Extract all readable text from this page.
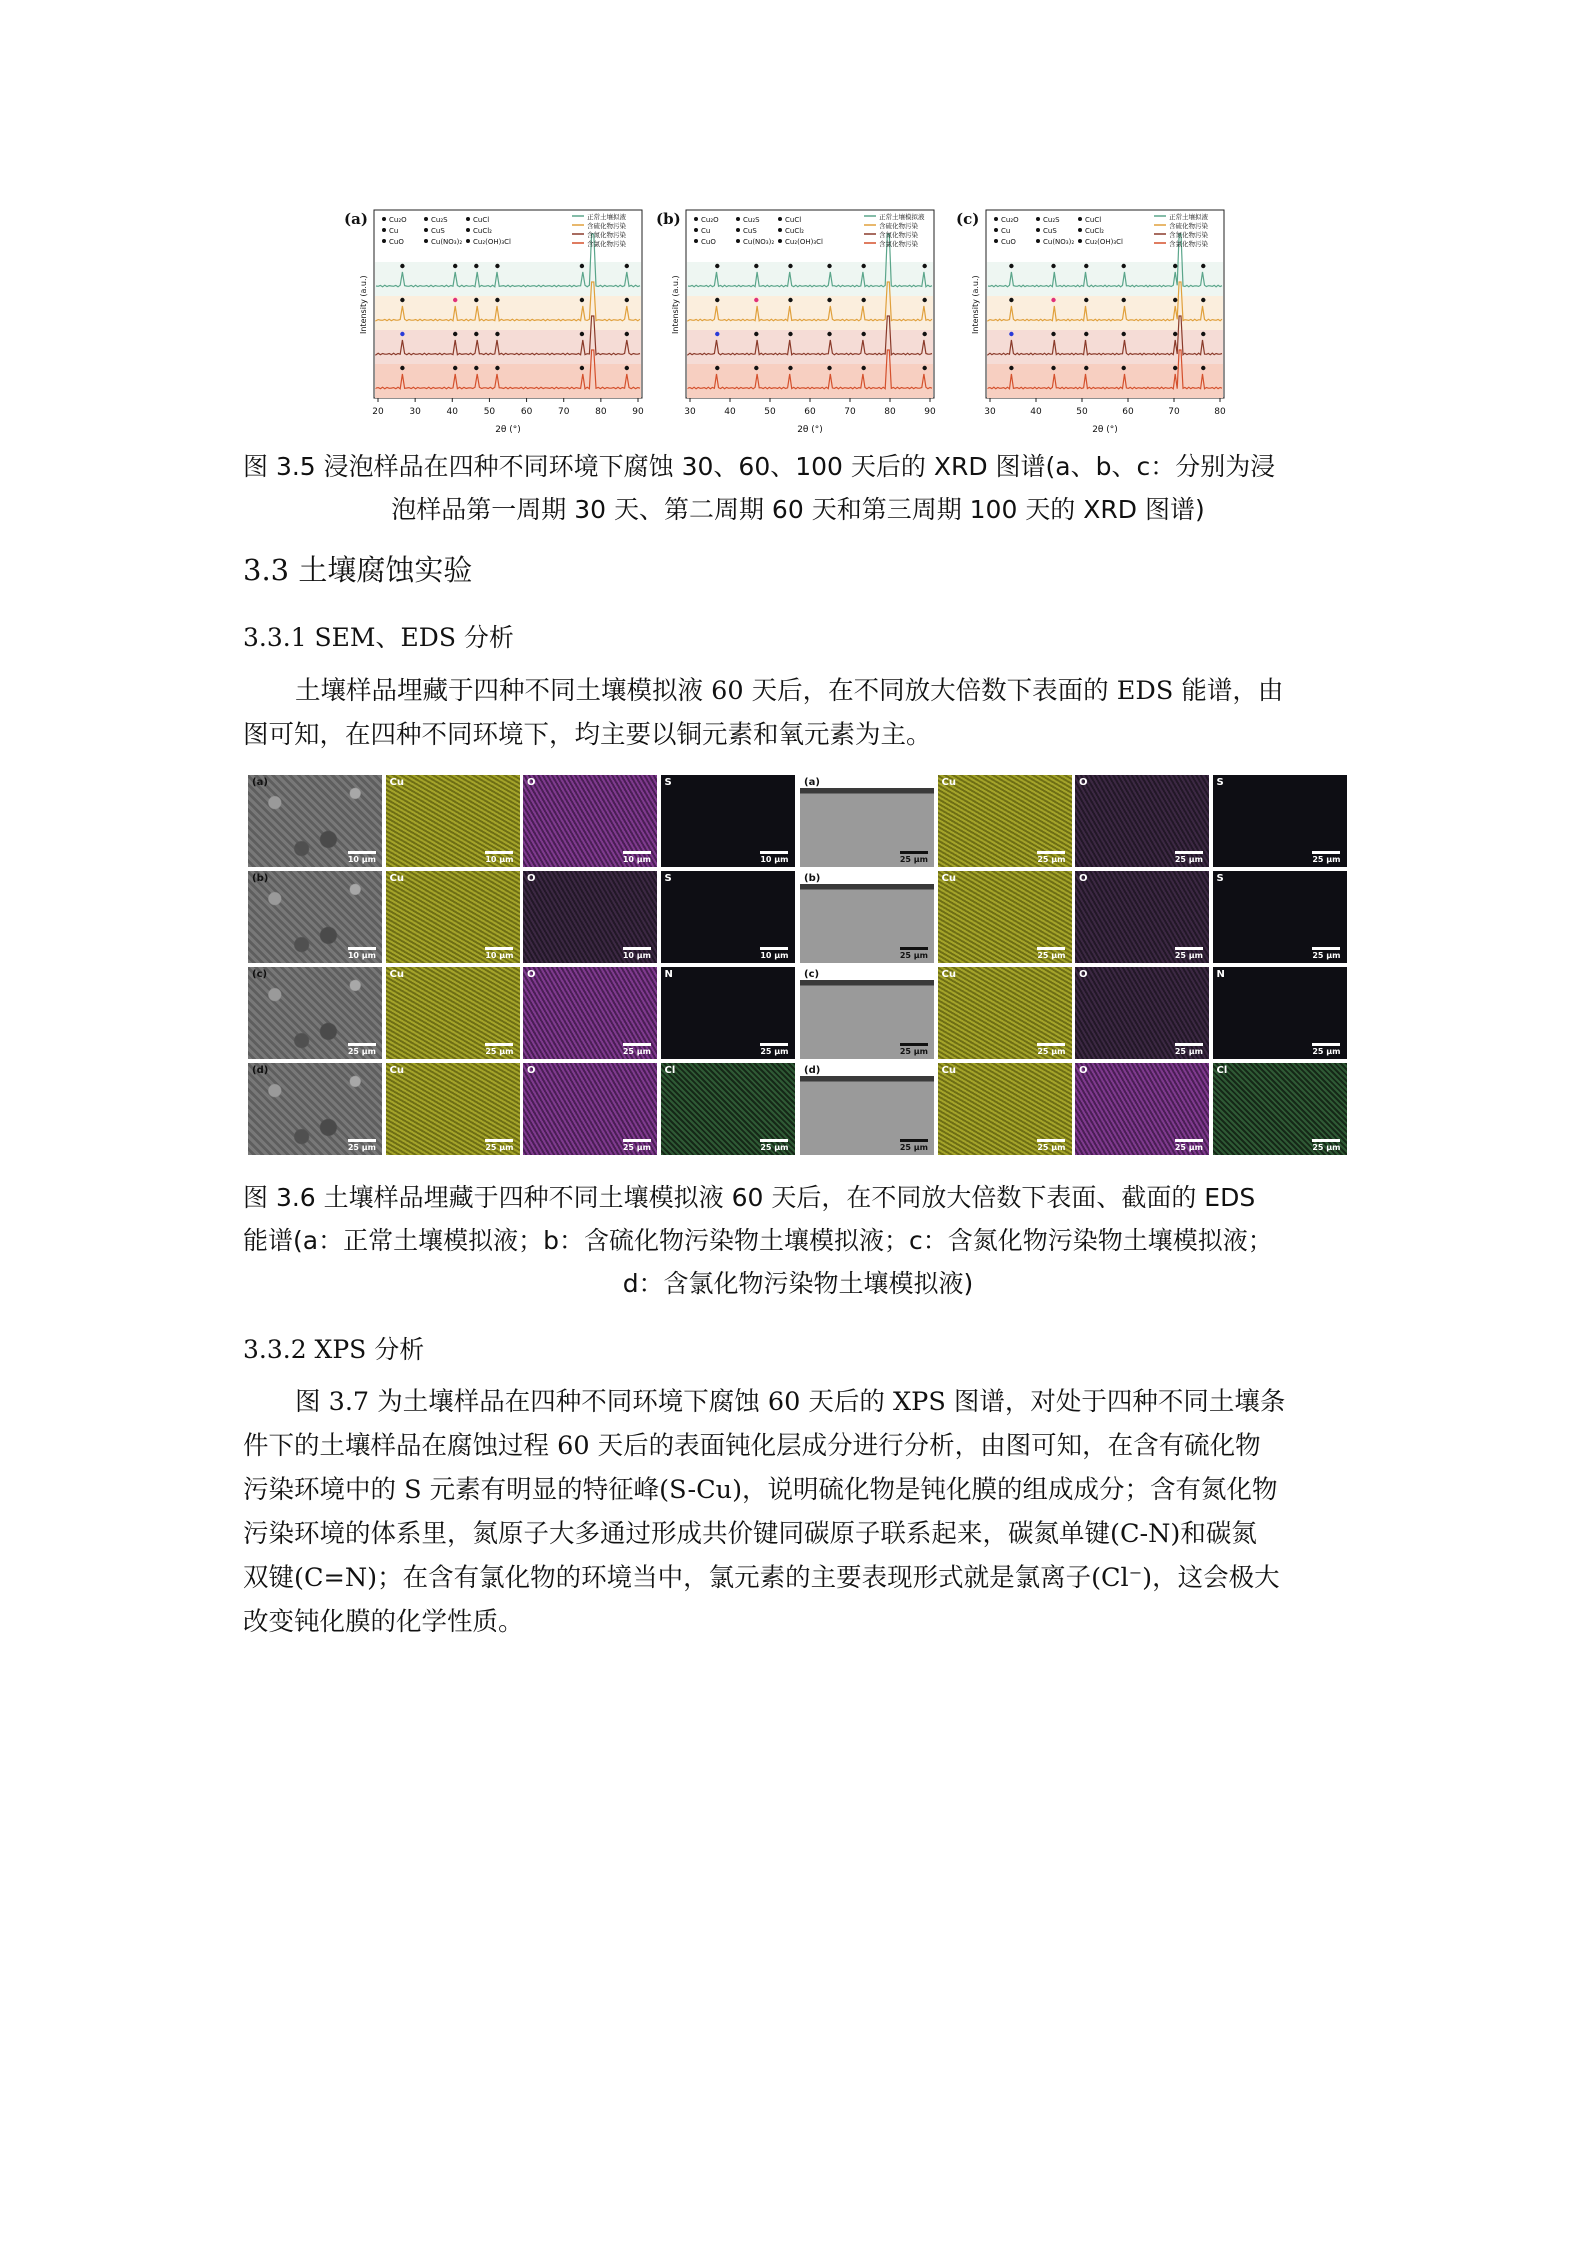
Cu₂O
Cu
CuO
Cu₂S
CuS
Cu(NO₃)₂
CuCl
CuCl₂
Cu₂(OH)₃Cl
正常土壤拟液
含硫化物污染
含氮化物污染
含氯化物污染
(a)
Intensity (a.u.)
20	30	40	50	60	70	80	90
2θ (°)
Cu₂O
Cu
CuO
Cu₂S
CuS
Cu(NO₃)₂
CuCl
CuCl₂
Cu₂(OH)₃Cl
正常土壤模拟液
含硫化物污染
含氮化物污染
含氯化物污染
(b)
Intensity (a.u.)
30	40	50	60	70	80	90
2θ (°)
Cu₂O
Cu
CuO
Cu₂S
CuS
Cu(NO₃)₂
CuCl
CuCl₂
Cu₂(OH)₃Cl
正常土壤拟液
含硫化物污染
含氮化物污染
含氯化物污染
(c)
Intensity (a.u.)
30	40	50	60	70	80
2θ (°)
图 3.5 浸泡样品在四种不同环境下腐蚀 30、60、100 天后的 XRD 图谱(a、b、c：分别为浸
泡样品第一周期 30 天、第二周期 60 天和第三周期 100 天的 XRD 图谱)
3.3 土壤腐蚀实验
3.3.1 SEM、EDS 分析
土壤样品埋藏于四种不同土壤模拟液 60 天后，在不同放大倍数下表面的 EDS 能谱，由
图可知，在四种不同环境下，均主要以铜元素和氧元素为主。
(a)
10 μm
Cu
10 μm
O
10 μm
S
10 μm
(a)
25 μm
Cu
25 μm
O
25 μm
S
25 μm
(b)
10 μm
Cu
10 μm
O
10 μm
S
10 μm
(b)
25 μm
Cu
25 μm
O
25 μm
S
25 μm
(c)
25 μm
Cu
25 μm
O
25 μm
N
25 μm
(c)
25 μm
Cu
25 μm
O
25 μm
N
25 μm
(d)
25 μm
Cu
25 μm
O
25 μm
Cl
25 μm
(d)
25 μm
Cu
25 μm
O
25 μm
Cl
25 μm
图 3.6 土壤样品埋藏于四种不同土壤模拟液 60 天后，在不同放大倍数下表面、截面的 EDS
能谱(a：正常土壤模拟液；b：含硫化物污染物土壤模拟液；c：含氮化物污染物土壤模拟液；
d：含氯化物污染物土壤模拟液)
3.3.2 XPS 分析
图 3.7 为土壤样品在四种不同环境下腐蚀 60 天后的 XPS 图谱，对处于四种不同土壤条
件下的土壤样品在腐蚀过程 60 天后的表面钝化层成分进行分析，由图可知，在含有硫化物
污染环境中的 S 元素有明显的特征峰(S-Cu)，说明硫化物是钝化膜的组成成分；含有氮化物
污染环境的体系里，氮原子大多通过形成共价键同碳原子联系起来，碳氮单键(C-N)和碳氮
双键(C=N)；在含有氯化物的环境当中，氯元素的主要表现形式就是氯离子(Cl⁻)，这会极大
改变钝化膜的化学性质。
